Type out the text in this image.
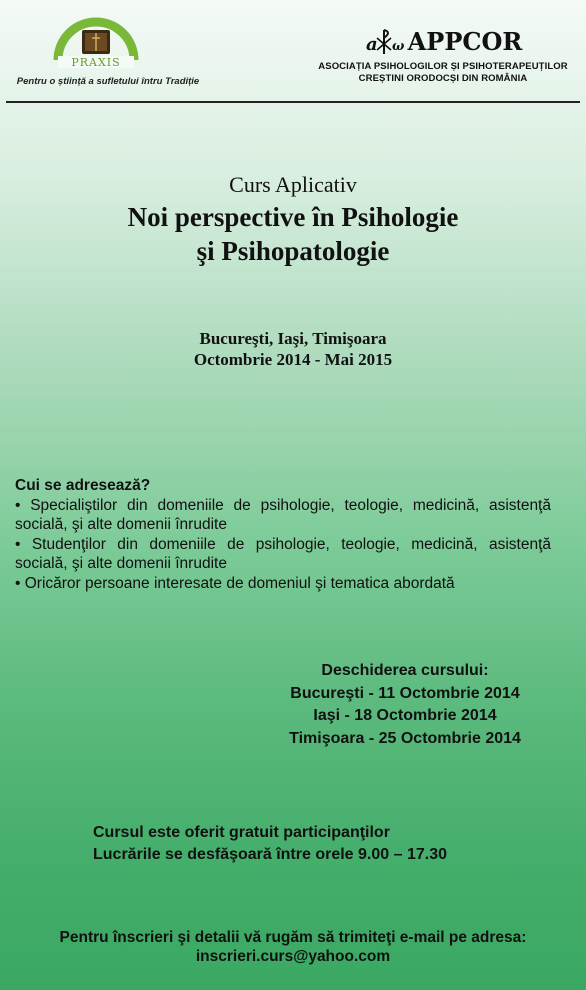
PRAXIS
Pentru o știință a sufletului întru Tradiție
a ω APPCOR
ASOCIAȚIA PSIHOLOGILOR ȘI PSIHOTERAPEUȚILOR
CREȘTINI ORODOCȘI DIN ROMÂNIA
Curs Aplicativ
Noi perspective în Psihologie
şi Psihopatologie
Bucureşti, Iaşi, Timişoara
Octombrie 2014 - Mai 2015
Cui se adresează?

• Specialiştilor din domeniile de psihologie, teologie, medicină, asistenţă socială, şi alte domenii înrudite

• Studenţilor din domeniile de psihologie, teologie, medicină, asistenţă socială, şi alte domenii înrudite

• Oricăror persoane interesate de domeniul şi tematica abordată

Deschiderea cursului:
Bucureşti - 11 Octombrie 2014
Iaşi - 18 Octombrie 2014
Timişoara - 25 Octombrie 2014
Cursul este oferit gratuit participanţilor
Lucrările se desfăşoară între orele 9.00 – 17.30
Pentru înscrieri şi detalii vă rugăm să trimiteţi e-mail pe adresa:
inscrieri.curs@yahoo.com
